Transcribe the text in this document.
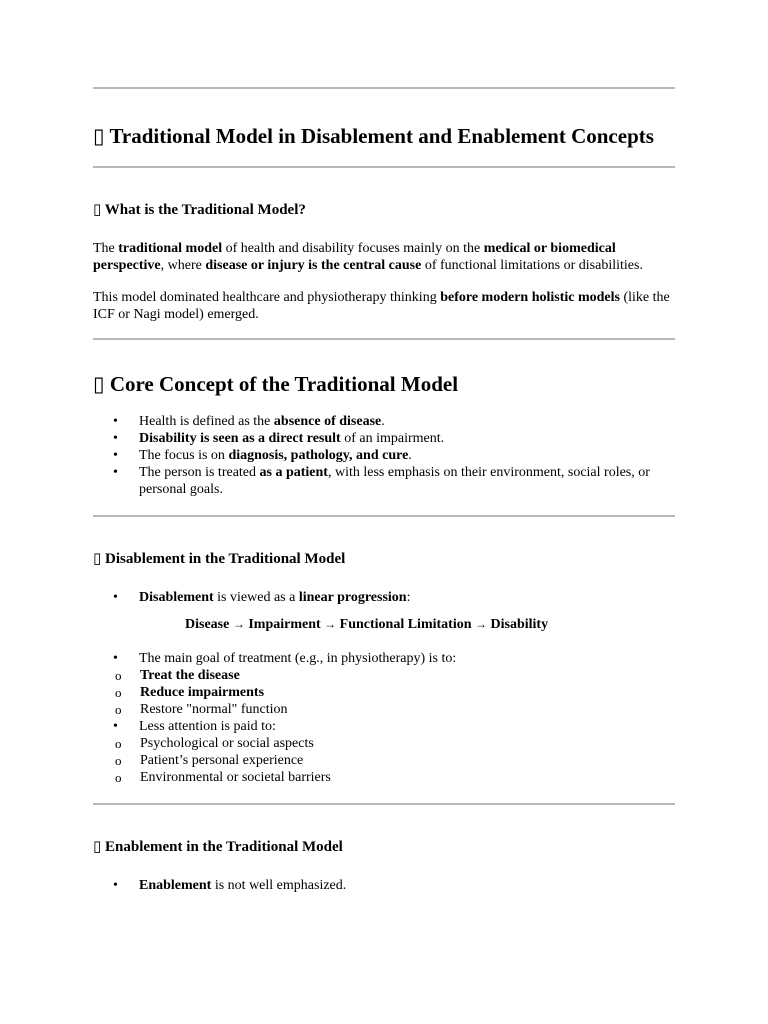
▯ Traditional Model in Disablement and Enablement Concepts
▯ What is the Traditional Model?

The traditional model of health and disability focuses mainly on the medical or biomedical perspective, where disease or injury is the central cause of functional limitations or disabilities.

This model dominated healthcare and physiotherapy thinking before modern holistic models (like the ICF or Nagi model) emerged.

▯ Core Concept of the Traditional Model
• Health is defined as the absence of disease.
• Disability is seen as a direct result of an impairment.
• The focus is on diagnosis, pathology, and cure.
• The person is treated as a patient, with less emphasis on their environment, social roles, or personal goals.
▯ Disablement in the Traditional Model
• Disablement is viewed as a linear progression:
Disease → Impairment → Functional Limitation → Disability
• The main goal of treatment (e.g., in physiotherapy) is to:
o Treat the disease
o Reduce impairments
o Restore "normal" function
• Less attention is paid to:
o Psychological or social aspects
o Patient’s personal experience
o Environmental or societal barriers
▯ Enablement in the Traditional Model
• Enablement is not well emphasized.
